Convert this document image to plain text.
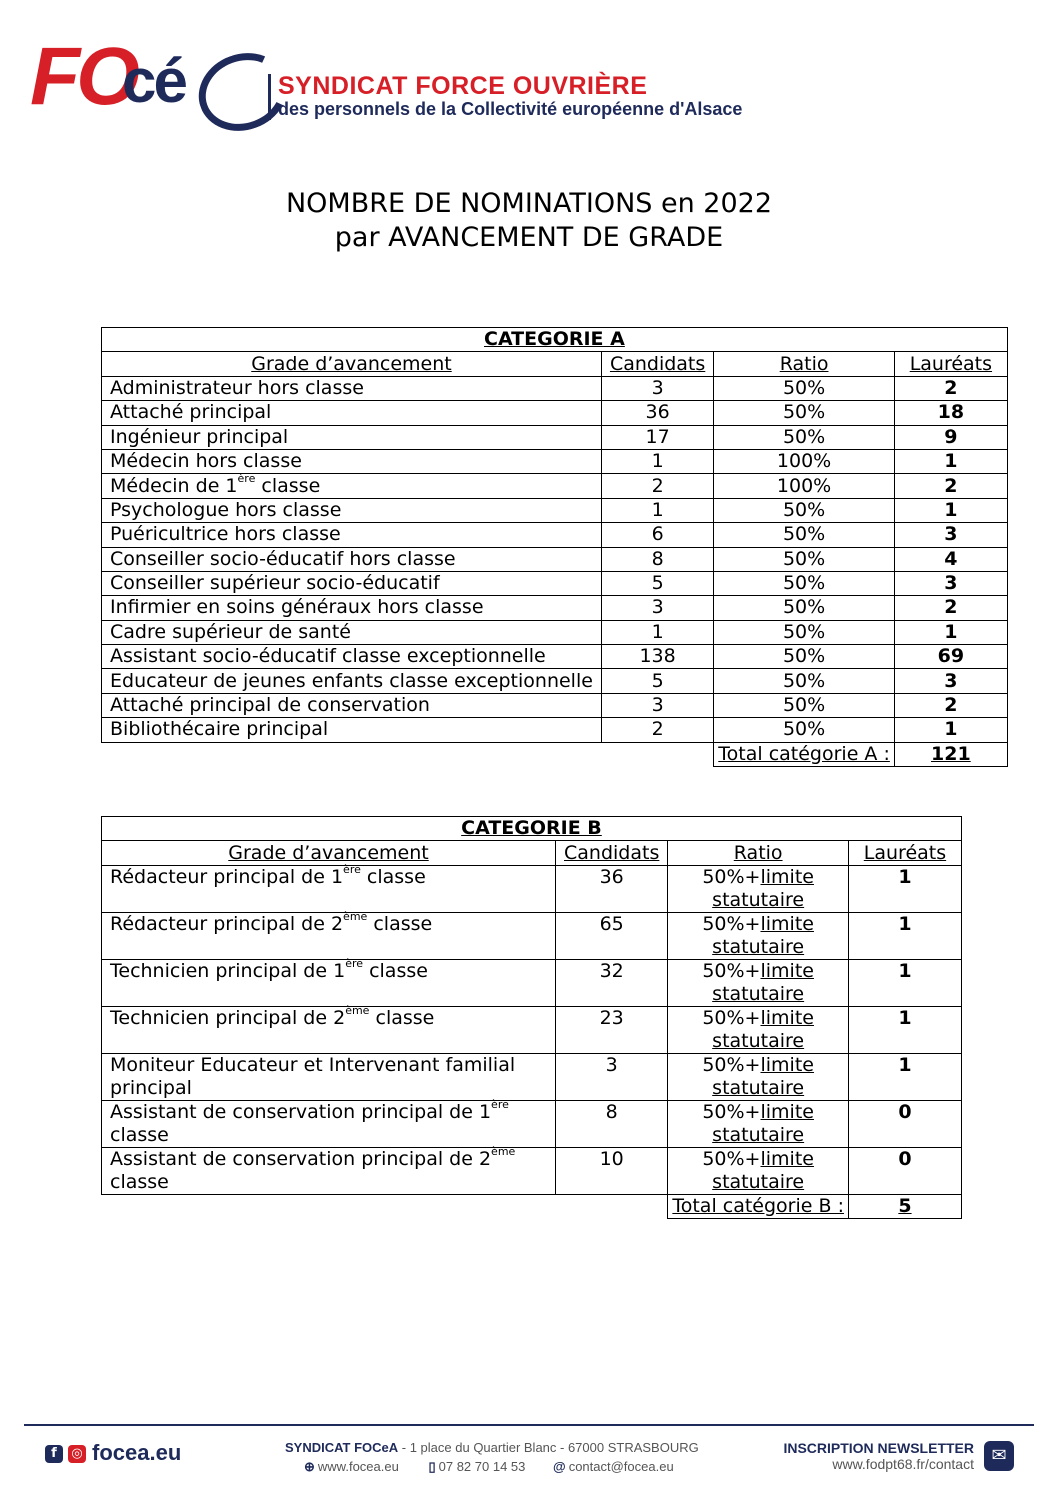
FO
cé	SYNDICAT FORCE OUVRIÈRE
des personnels de la Collectivité européenne d'Alsace
NOMBRE DE NOMINATIONS en 2022
par AVANCEMENT DE GRADE
CATEGORIE A			
Grade d’avancement	Candidats	Ratio	Lauréats
Administrateur hors classe	3	50%	2
Attaché principal	36	50%	18
Ingénieur principal	17	50%	9
Médecin hors classe	1	100%	1
Médecin de 1ère classe	2	100%	2
Psychologue hors classe	1	50%	1
Puéricultrice hors classe	6	50%	3
Conseiller socio-éducatif hors classe	8	50%	4
Conseiller supérieur socio-éducatif	5	50%	3
Infirmier en soins généraux hors classe	3	50%	2
Cadre supérieur de santé	1	50%	1
Assistant socio-éducatif classe exceptionnelle	138	50%	69
Educateur de jeunes enfants classe exceptionnelle	5	50%	3
Attaché principal de conservation	3	50%	2
Bibliothécaire principal	2	50%	1
		Total catégorie A :	121
CATEGORIE B			
Grade d’avancement	Candidats	Ratio	Lauréats
Rédacteur principal de 1ère classe	36	50%+limite
statutaire	1
Rédacteur principal de 2ème classe	65	50%+limite
statutaire	1
Technicien principal de 1ère classe	32	50%+limite
statutaire	1
Technicien principal de 2ème classe	23	50%+limite
statutaire	1
Moniteur Educateur et Intervenant familial principal	3	50%+limite
statutaire	1
Assistant de conservation principal de 1ère classe	8	50%+limite
statutaire	0
Assistant de conservation principal de 2ème classe	10	50%+limite
statutaire	0
		Total catégorie B :	5
f	◎ focea.eu	SYNDICAT FOCeA - 1 place du Quartier Blanc - 67000 STRASBOURG
⊕ www.focea.eu ▯ 07 82 70 14 53 @ contact@focea.eu
INSCRIPTION NEWSLETTER
www.fodpt68.fr/contact ✉
